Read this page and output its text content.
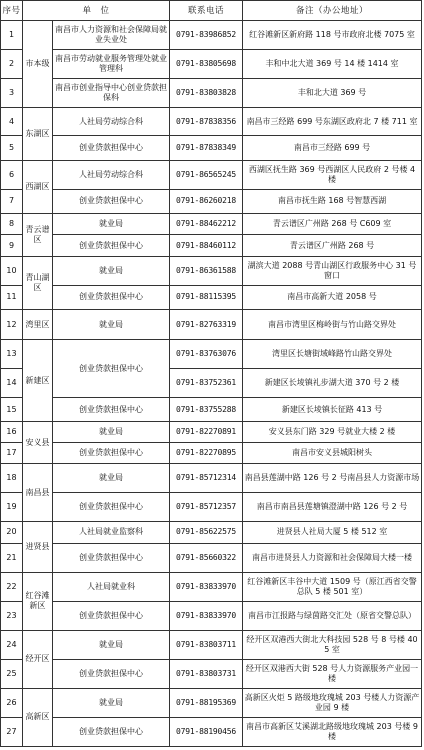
序号	单　位		联系电话	备注（办公地址）
1	市本级	南昌市人力资源和社会保障局就业失业处	0791-83986852	红谷滩新区新府路 118 号市政府北楼 7075 室
2		南昌市劳动就业服务管理处就业管理科	0791-83805698	丰和中北大道 369 号 14 楼 1414 室
3		南昌市创业指导中心创业贷款担保科	0791-83803828	丰和北大道 369 号
4	东湖区	人社局劳动综合科	0791-87838356	南昌市三经路 699 号东湖区政府北 7 楼 711 室
5		创业贷款担保中心	0791-87838349	南昌市三经路 699 号
6	西湖区	人社局劳动综合科	0791-86565245	西湖区抚生路 369 号西湖区人民政府 2 号楼 4 楼
7		创业贷款担保中心	0791-86260218	南昌市抚生路 168 号智慧西湖
8	青云谱区	就业局	0791-88462212	青云谱区广州路 268 号 C609 室
9		创业贷款担保中心	0791-88460112	青云谱区广州路 268 号
10	青山湖区	就业局	0791-86361588	湖滨大道 2088 号青山湖区行政服务中心 31 号窗口
11		创业贷款担保中心	0791-88115395	南昌市高新大道 2058 号
12	湾里区	就业局	0791-82763319	南昌市湾里区梅岭街与竹山路交界处
13	新建区	创业贷款担保中心	0791-83763076	湾里区长塘街域峰路竹山路交界处
14			0791-83752361	新建区长堎镇礼步湖大道 370 号 2 楼
15		创业贷款担保中心	0791-83755288	新建区长堎镇长征路 413 号
16	安义县	就业局	0791-82270891	安义县东门路 329 号就业大楼 2 楼
17		创业贷款担保中心	0791-82270895	南昌市安义县城阳树头
18	南昌县	就业局	0791-85712314	南昌县莲湖中路 126 号 2 号南昌县人力资源市场
19		创业贷款担保中心	0791-85712357	南昌市南昌县莲塘镇澄湖中路 126 号 2 号
20	进贤县	人社局就业监察科	0791-85622575	进贤县人社局大厦 5 楼 512 室
21		创业贷款担保中心	0791-85660322	南昌市进贤县人力资源和社会保障局大楼一楼
22	红谷滩新区	人社局就业科	0791-83833970	红谷滩新区丰谷中大道 1509 号（原江西省交警总队 5 楼 501 室）
23		创业贷款担保中心	0791-83833970	南昌市江报路与绿茵路交汇处（原省交警总队）
24	经开区	就业局	0791-83803711	经开区双港西大街北大科技园 528 号 8 号楼 405 室
25		创业贷款担保中心	0791-83803731	经开区双港西大街 528 号人力资源服务产业园一楼
26	高新区	就业局	0791-88195369	高新区火炬 5 路级地玫瑰城 203 号楼人力资源产业园 9 楼
27		创业贷款担保中心	0791-88190456	南昌市高新区艾溪湖北路级地玫瑰城 203 号楼 9 楼
